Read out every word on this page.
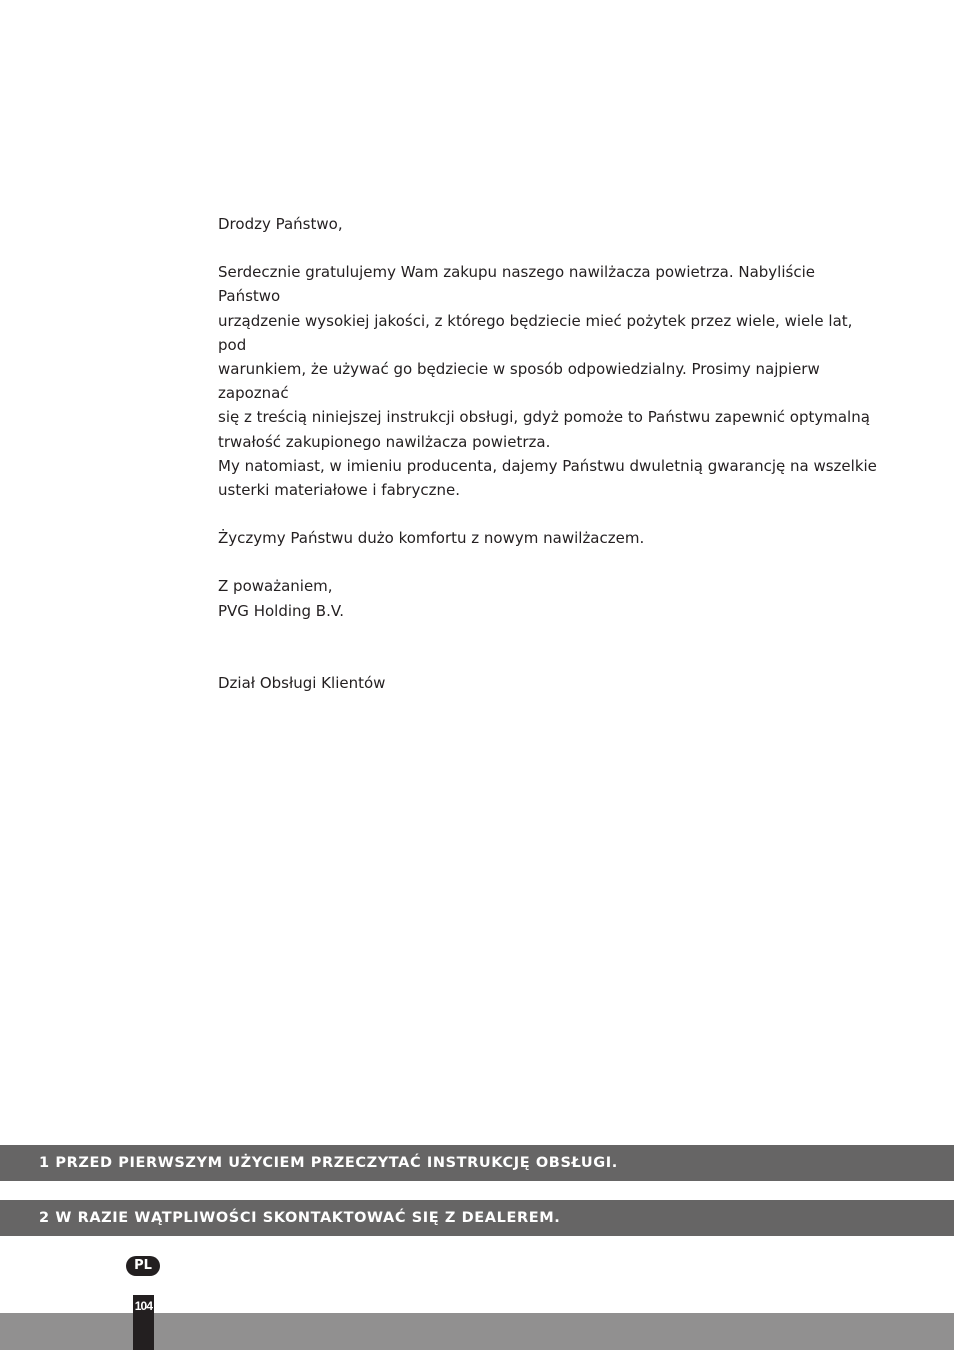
Drodzy Państwo,

Serdecznie gratulujemy Wam zakupu naszego nawilżacza powietrza. Nabyliście Państwo
urządzenie wysokiej jakości, z którego będziecie mieć pożytek przez wiele, wiele lat, pod
warunkiem, że używać go będziecie w sposób odpowiedzialny. Prosimy najpierw zapoznać
się z treścią niniejszej instrukcji obsługi, gdyż pomoże to Państwu zapewnić optymalną
trwałość zakupionego nawilżacza powietrza.
My natomiast, w imieniu producenta, dajemy Państwu dwuletnią gwarancję na wszelkie
usterki materiałowe i fabryczne.

Życzymy Państwu dużo komfortu z nowym nawilżaczem.

Z poważaniem,

PVG Holding B.V.

Dział Obsługi Klientów

1 PRZED PIERWSZYM UŻYCIEM PRZECZYTAĆ INSTRUKCJĘ OBSŁUGI.
2 W RAZIE WĄTPLIWOŚCI SKONTAKTOWAĆ SIĘ Z DEALEREM.
PL
104
